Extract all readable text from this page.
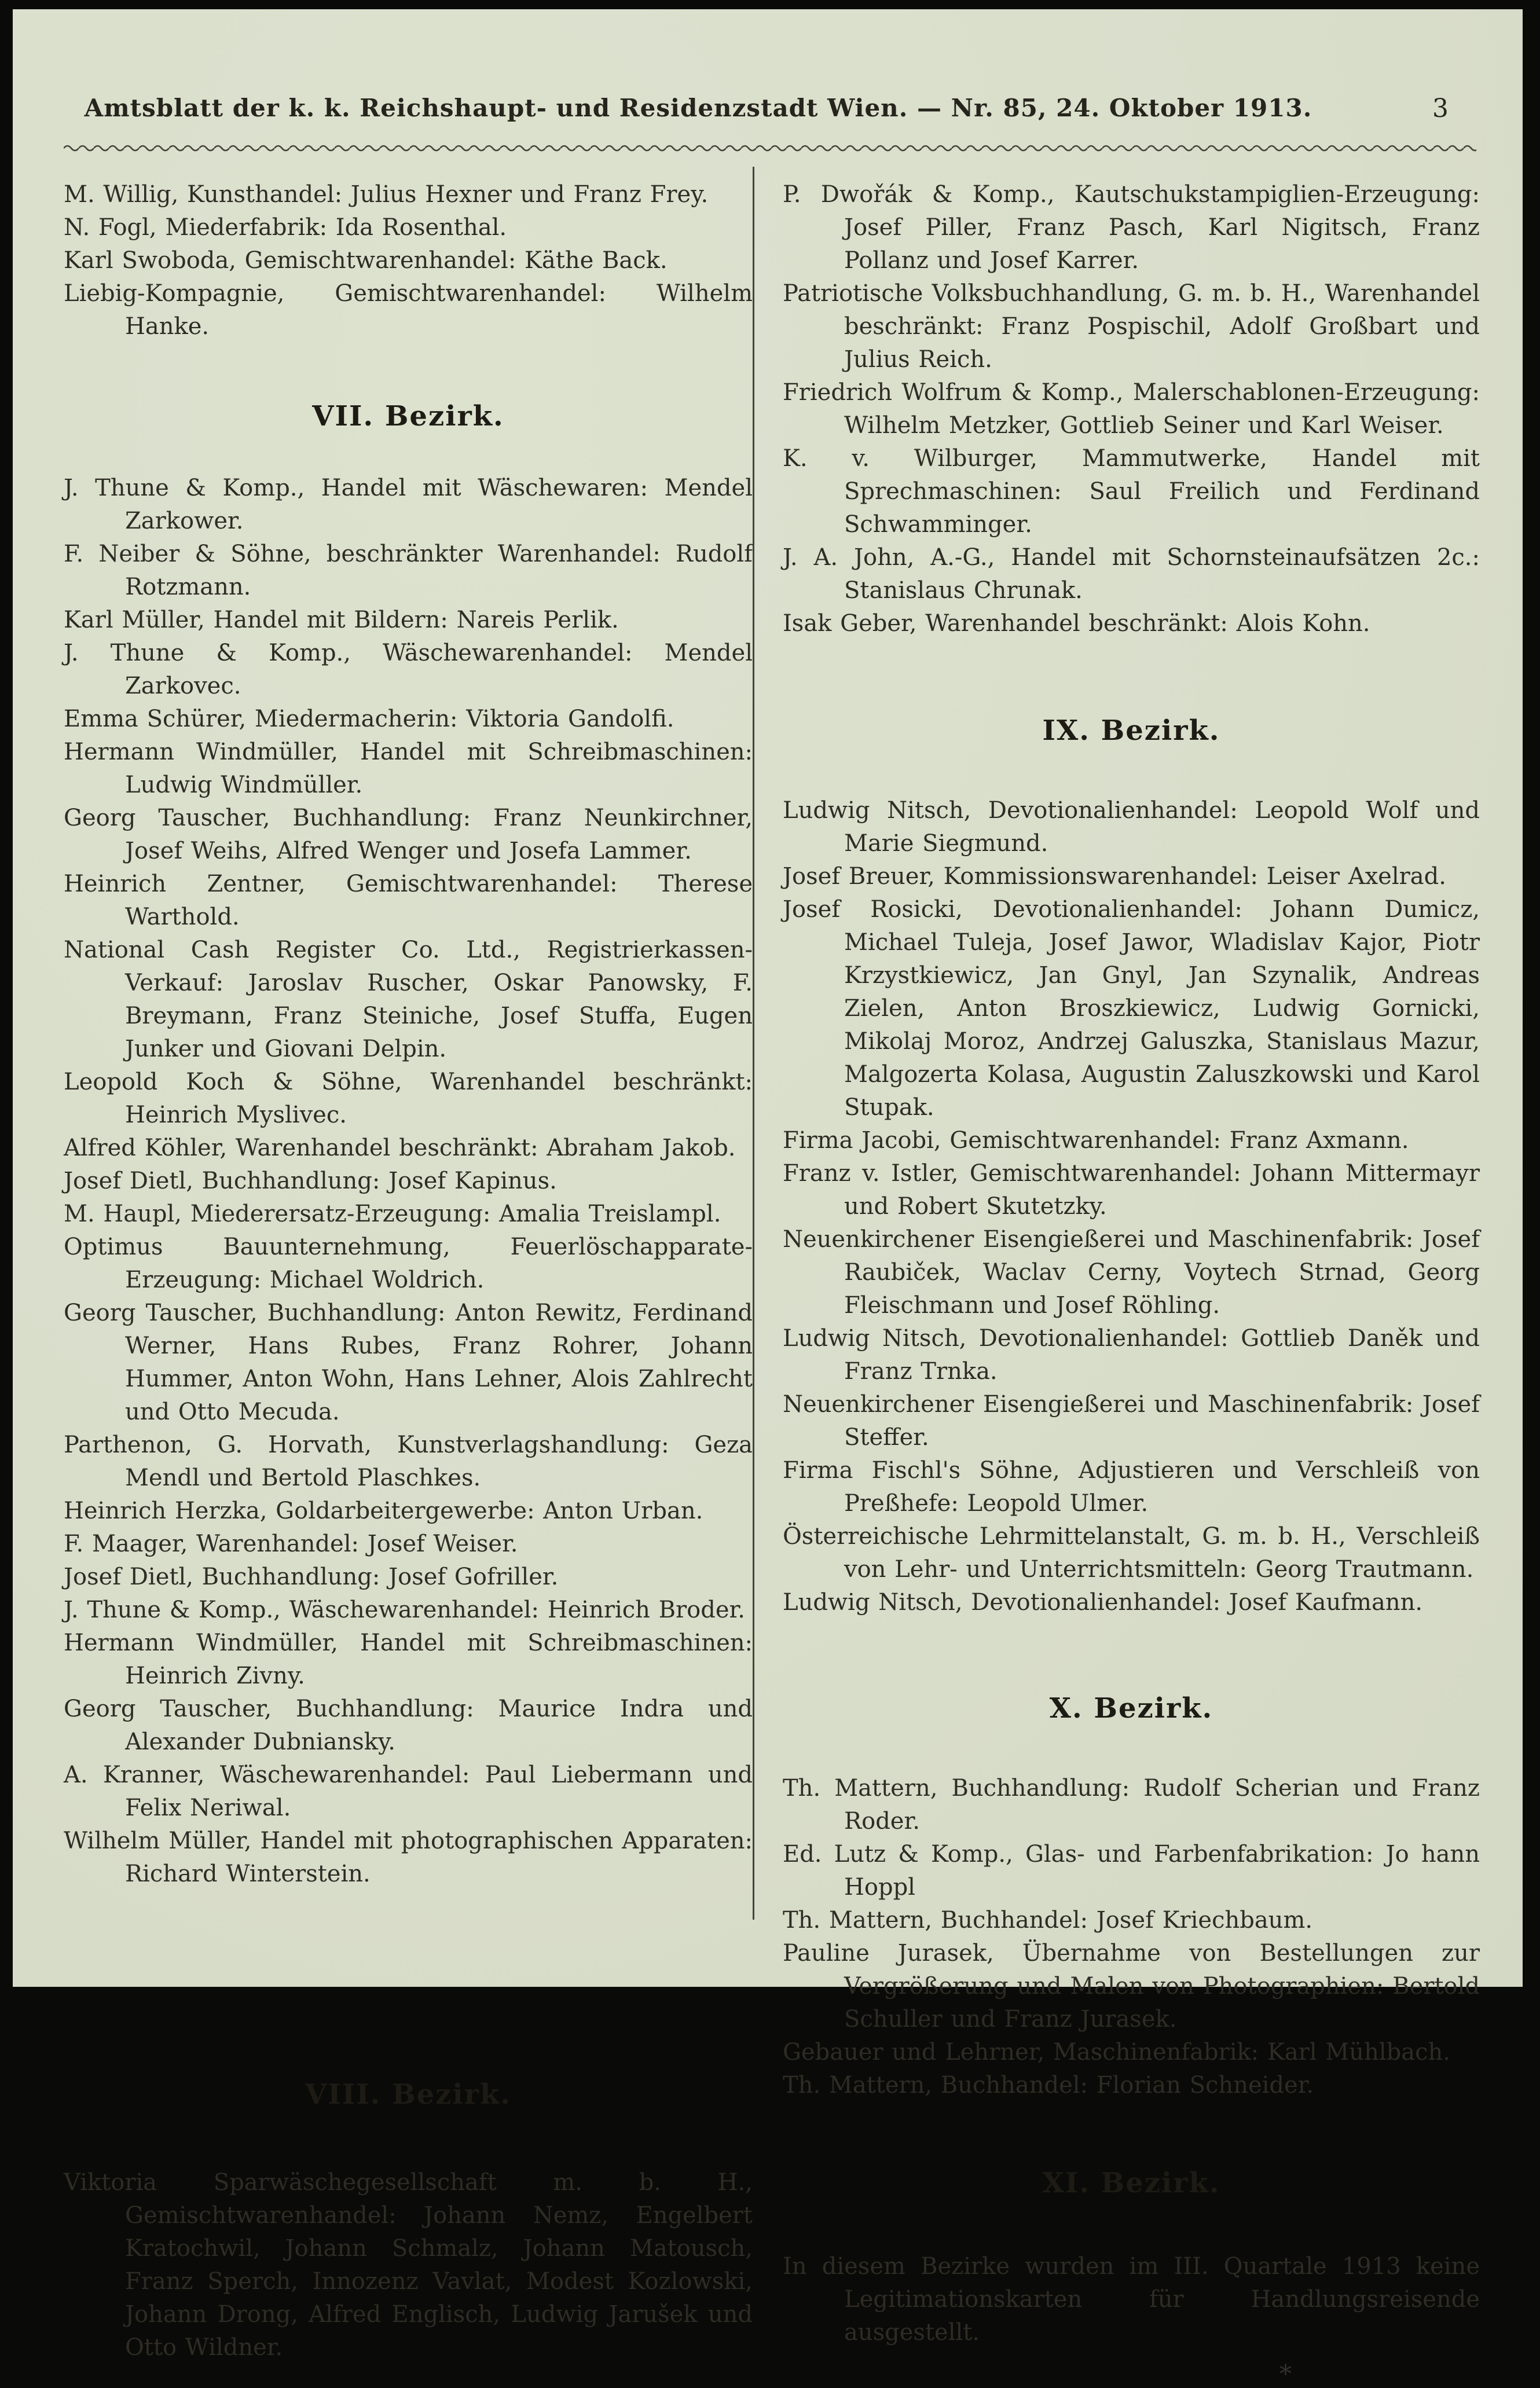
Amtsblatt der k. k. Reichshaupt- und Residenzstadt Wien. — Nr. 85, 24. Oktober 1913.	3

M. Willig, Kunsthandel: Julius Hexner und Franz Frey.

N. Fogl, Miederfabrik: Ida Rosenthal.

Karl Swoboda, Gemischtwarenhandel: Käthe Back.

Liebig-Kompagnie, Gemischtwarenhandel: Wilhelm Hanke.

VII. Bezirk.

J. Thune & Komp., Handel mit Wäschewaren: Mendel Zarkower.

F. Neiber & Söhne, beschränkter Warenhandel: Rudolf Rotzmann.

Karl Müller, Handel mit Bildern: Nareis Perlik.

J. Thune & Komp., Wäschewarenhandel: Mendel Zarkovec.

Emma Schürer, Miedermacherin: Viktoria Gandolfi.

Hermann Windmüller, Handel mit Schreibmaschinen: Ludwig Windmüller.

Georg Tauscher, Buchhandlung: Franz Neunkirchner, Josef Weihs, Alfred Wenger und Josefa Lammer.

Heinrich Zentner, Gemischtwarenhandel: Therese Warthold.

National Cash Register Co. Ltd., Registrierkassen-Verkauf: Jaroslav Ruscher, Oskar Panowsky, F. Breymann, Franz Steiniche, Josef Stuffa, Eugen Junker und Giovani Delpin.

Leopold Koch & Söhne, Warenhandel beschränkt: Heinrich Myslivec.

Alfred Köhler, Warenhandel beschränkt: Abraham Jakob.

Josef Dietl, Buchhandlung: Josef Kapinus.

M. Haupl, Miederersatz-Erzeugung: Amalia Treislampl.

Optimus Bauunternehmung, Feuerlöschapparate-Erzeugung: Michael Woldrich.

Georg Tauscher, Buchhandlung: Anton Rewitz, Ferdinand Werner, Hans Rubes, Franz Rohrer, Johann Hummer, Anton Wohn, Hans Lehner, Alois Zahlrecht und Otto Mecuda.

Parthenon, G. Horvath, Kunstverlagshandlung: Geza Mendl und Bertold Plaschkes.

Heinrich Herzka, Goldarbeitergewerbe: Anton Urban.

F. Maager, Warenhandel: Josef Weiser.

Josef Dietl, Buchhandlung: Josef Gofriller.

J. Thune & Komp., Wäschewarenhandel: Heinrich Broder.

Hermann Windmüller, Handel mit Schreibmaschinen: Heinrich Zivny.

Georg Tauscher, Buchhandlung: Maurice Indra und Alexander Dubniansky.

A. Kranner, Wäschewarenhandel: Paul Liebermann und Felix Neriwal.

Wilhelm Müller, Handel mit photographischen Apparaten: Richard Winterstein.

VIII. Bezirk.

Viktoria Sparwäschegesellschaft m. b. H., Gemischtwarenhandel: Johann Nemz, Engelbert Kratochwil, Johann Schmalz, Johann Matousch, Franz Sperch, Innozenz Vavlat, Modest Kozlowski, Johann Drong, Alfred Englisch, Ludwig Jarušek und Otto Wildner.

P. Dwořák & Komp., Kautschukstampiglien-Erzeugung: Josef Piller, Franz Pasch, Karl Nigitsch, Franz Pollanz und Josef Karrer.

Patriotische Volksbuchhandlung, G. m. b. H., Warenhandel beschränkt: Franz Pospischil, Adolf Großbart und Julius Reich.

Friedrich Wolfrum & Komp., Malerschablonen-Erzeugung: Wilhelm Metzker, Gottlieb Seiner und Karl Weiser.

K. v. Wilburger, Mammutwerke, Handel mit Sprechmaschinen: Saul Freilich und Ferdinand Schwamminger.

J. A. John, A.-G., Handel mit Schornsteinaufsätzen 2c.: Stanislaus Chrunak.

Isak Geber, Warenhandel beschränkt: Alois Kohn.

IX. Bezirk.

Ludwig Nitsch, Devotionalienhandel: Leopold Wolf und Marie Siegmund.

Josef Breuer, Kommissionswarenhandel: Leiser Axelrad.

Josef Rosicki, Devotionalienhandel: Johann Dumicz, Michael Tuleja, Josef Jawor, Wladislav Kajor, Piotr Krzystkiewicz, Jan Gnyl, Jan Szynalik, Andreas Zielen, Anton Broszkiewicz, Ludwig Gornicki, Mikolaj Moroz, Andrzej Galuszka, Stanislaus Mazur, Malgozerta Kolasa, Augustin Zaluszkowski und Karol Stupak.

Firma Jacobi, Gemischtwarenhandel: Franz Axmann.

Franz v. Istler, Gemischtwarenhandel: Johann Mittermayr und Robert Skutetzky.

Neuenkirchener Eisengießerei und Maschinenfabrik: Josef Raubiček, Waclav Cerny, Voytech Strnad, Georg Fleischmann und Josef Röhling.

Ludwig Nitsch, Devotionalienhandel: Gottlieb Daněk und Franz Trnka.

Neuenkirchener Eisengießerei und Maschinenfabrik: Josef Steffer.

Firma Fischl's Söhne, Adjustieren und Verschleiß von Preßhefe: Leopold Ulmer.

Österreichische Lehrmittelanstalt, G. m. b. H., Verschleiß von Lehr- und Unterrichtsmitteln: Georg Trautmann.

Ludwig Nitsch, Devotionalienhandel: Josef Kaufmann.

X. Bezirk.

Th. Mattern, Buchhandlung: Rudolf Scherian und Franz Roder.

Ed. Lutz & Komp., Glas- und Farbenfabrikation: Jo hann Hoppl

Th. Mattern, Buchhandel: Josef Kriechbaum.

Pauline Jurasek, Übernahme von Bestellungen zur Vergrößerung und Malen von Photographien: Bertold Schuller und Franz Jurasek.

Gebauer und Lehrner, Maschinenfabrik: Karl Mühlbach.

Th. Mattern, Buchhandel: Florian Schneider.

XI. Bezirk.

In diesem Bezirke wurden im III. Quartale 1913 keine Legitimationskarten für Handlungsreisende ausgestellt.

*
